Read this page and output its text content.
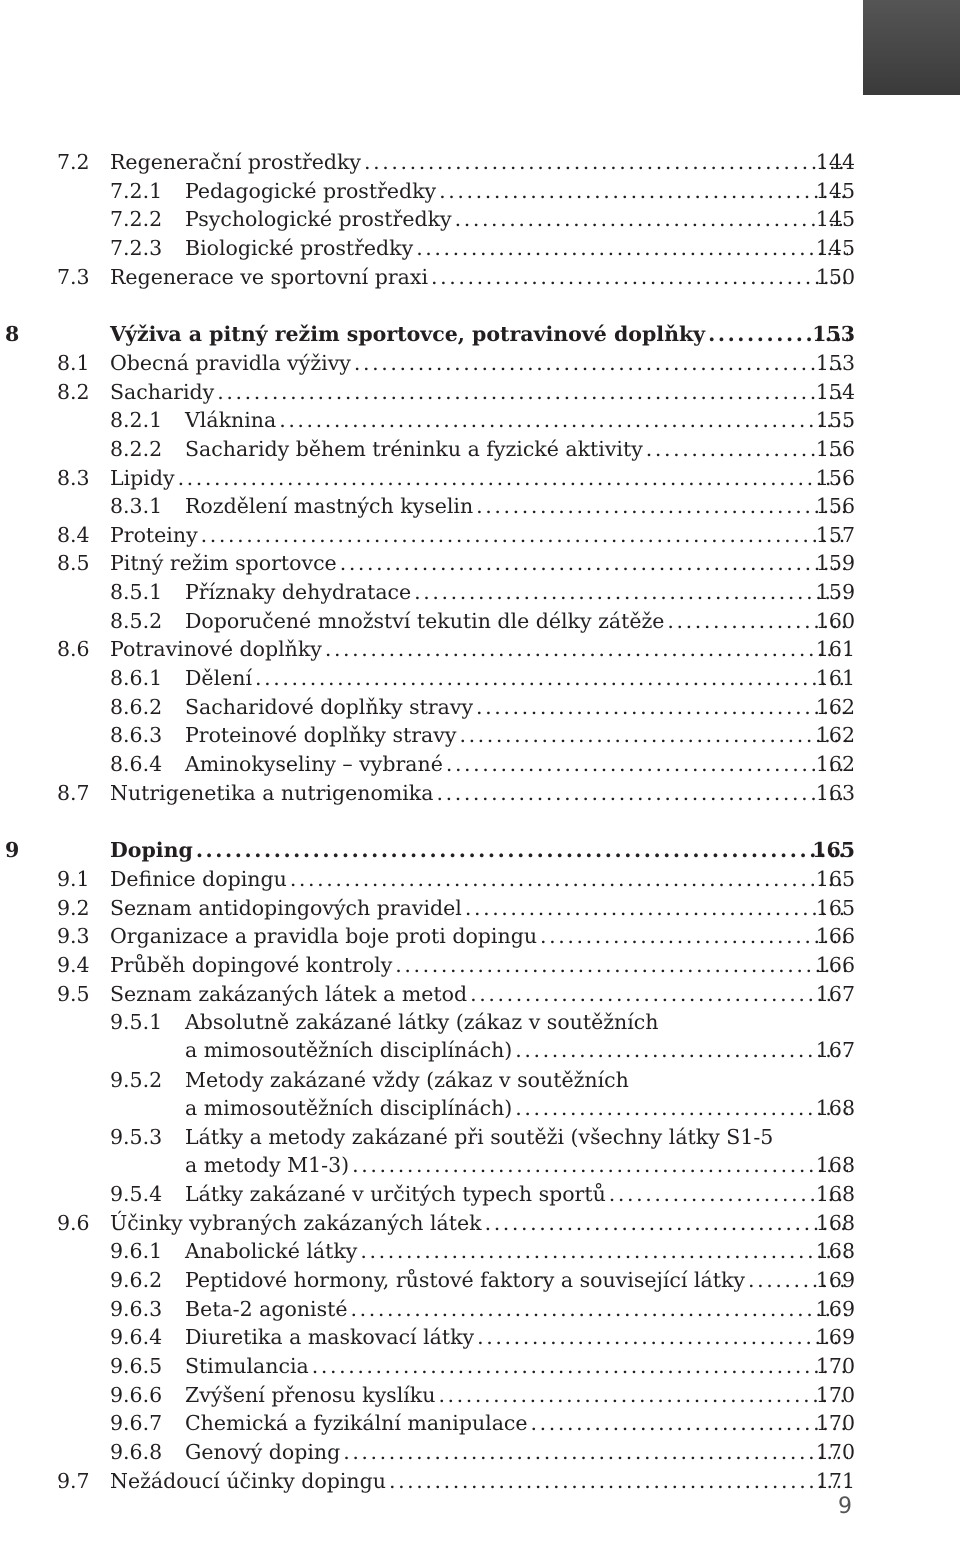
7.2 Regenerační prostředky .....	144
7.2.1 Pedagogické prostředky .....	145
7.2.2 Psychologické prostředky .....	145
7.2.3 Biologické prostředky .....	145
7.3 Regenerace ve sportovní praxi .....	150
8	Výživa a pitný režim sportovce, potravinové doplňky .....	153
8.1 Obecná pravidla výživy .....	153
8.2 Sacharidy .....	154
8.2.1 Vláknina .....	155
8.2.2 Sacharidy během tréninku a fyzické aktivity .....	156
8.3 Lipidy .....	156
8.3.1 Rozdělení mastných kyselin .....	156
8.4 Proteiny .....	157
8.5 Pitný režim sportovce .....	159
8.5.1 Příznaky dehydratace .....	159
8.5.2 Doporučené množství tekutin dle délky zátěže .....	160
8.6 Potravinové doplňky .....	161
8.6.1 Dělení .....	161
8.6.2 Sacharidové doplňky stravy .....	162
8.6.3 Proteinové doplňky stravy .....	162
8.6.4 Aminokyseliny – vybrané .....	162
8.7 Nutrigenetika a nutrigenomika .....	163
9	Doping .....	165
9.1 Definice dopingu .....	165
9.2 Seznam antidopingových pravidel .....	165
9.3 Organizace a pravidla boje proti dopingu .....	166
9.4 Průběh dopingové kontroly .....	166
9.5 Seznam zakázaných látek a metod .....	167
9.5.1 Absolutně zakázané látky (zákaz v soutěžních
a mimosoutěžních disciplínách) .....	167
9.5.2 Metody zakázané vždy (zákaz v soutěžních
a mimosoutěžních disciplínách) .....	168
9.5.3 Látky a metody zakázané při soutěži (všechny látky S1-5
a metody M1-3) .....	168
9.5.4 Látky zakázané v určitých typech sportů .....	168
9.6 Účinky vybraných zakázaných látek .....	168
9.6.1 Anabolické látky .....	168
9.6.2 Peptidové hormony, růstové faktory a související látky .....	169
9.6.3 Beta-2 agonisté .....	169
9.6.4 Diuretika a maskovací látky .....	169
9.6.5 Stimulancia .....	170
9.6.6 Zvýšení přenosu kyslíku .....	170
9.6.7 Chemická a fyzikální manipulace .....	170
9.6.8 Genový doping .....	170
9.7 Nežádoucí účinky dopingu .....	171
9
